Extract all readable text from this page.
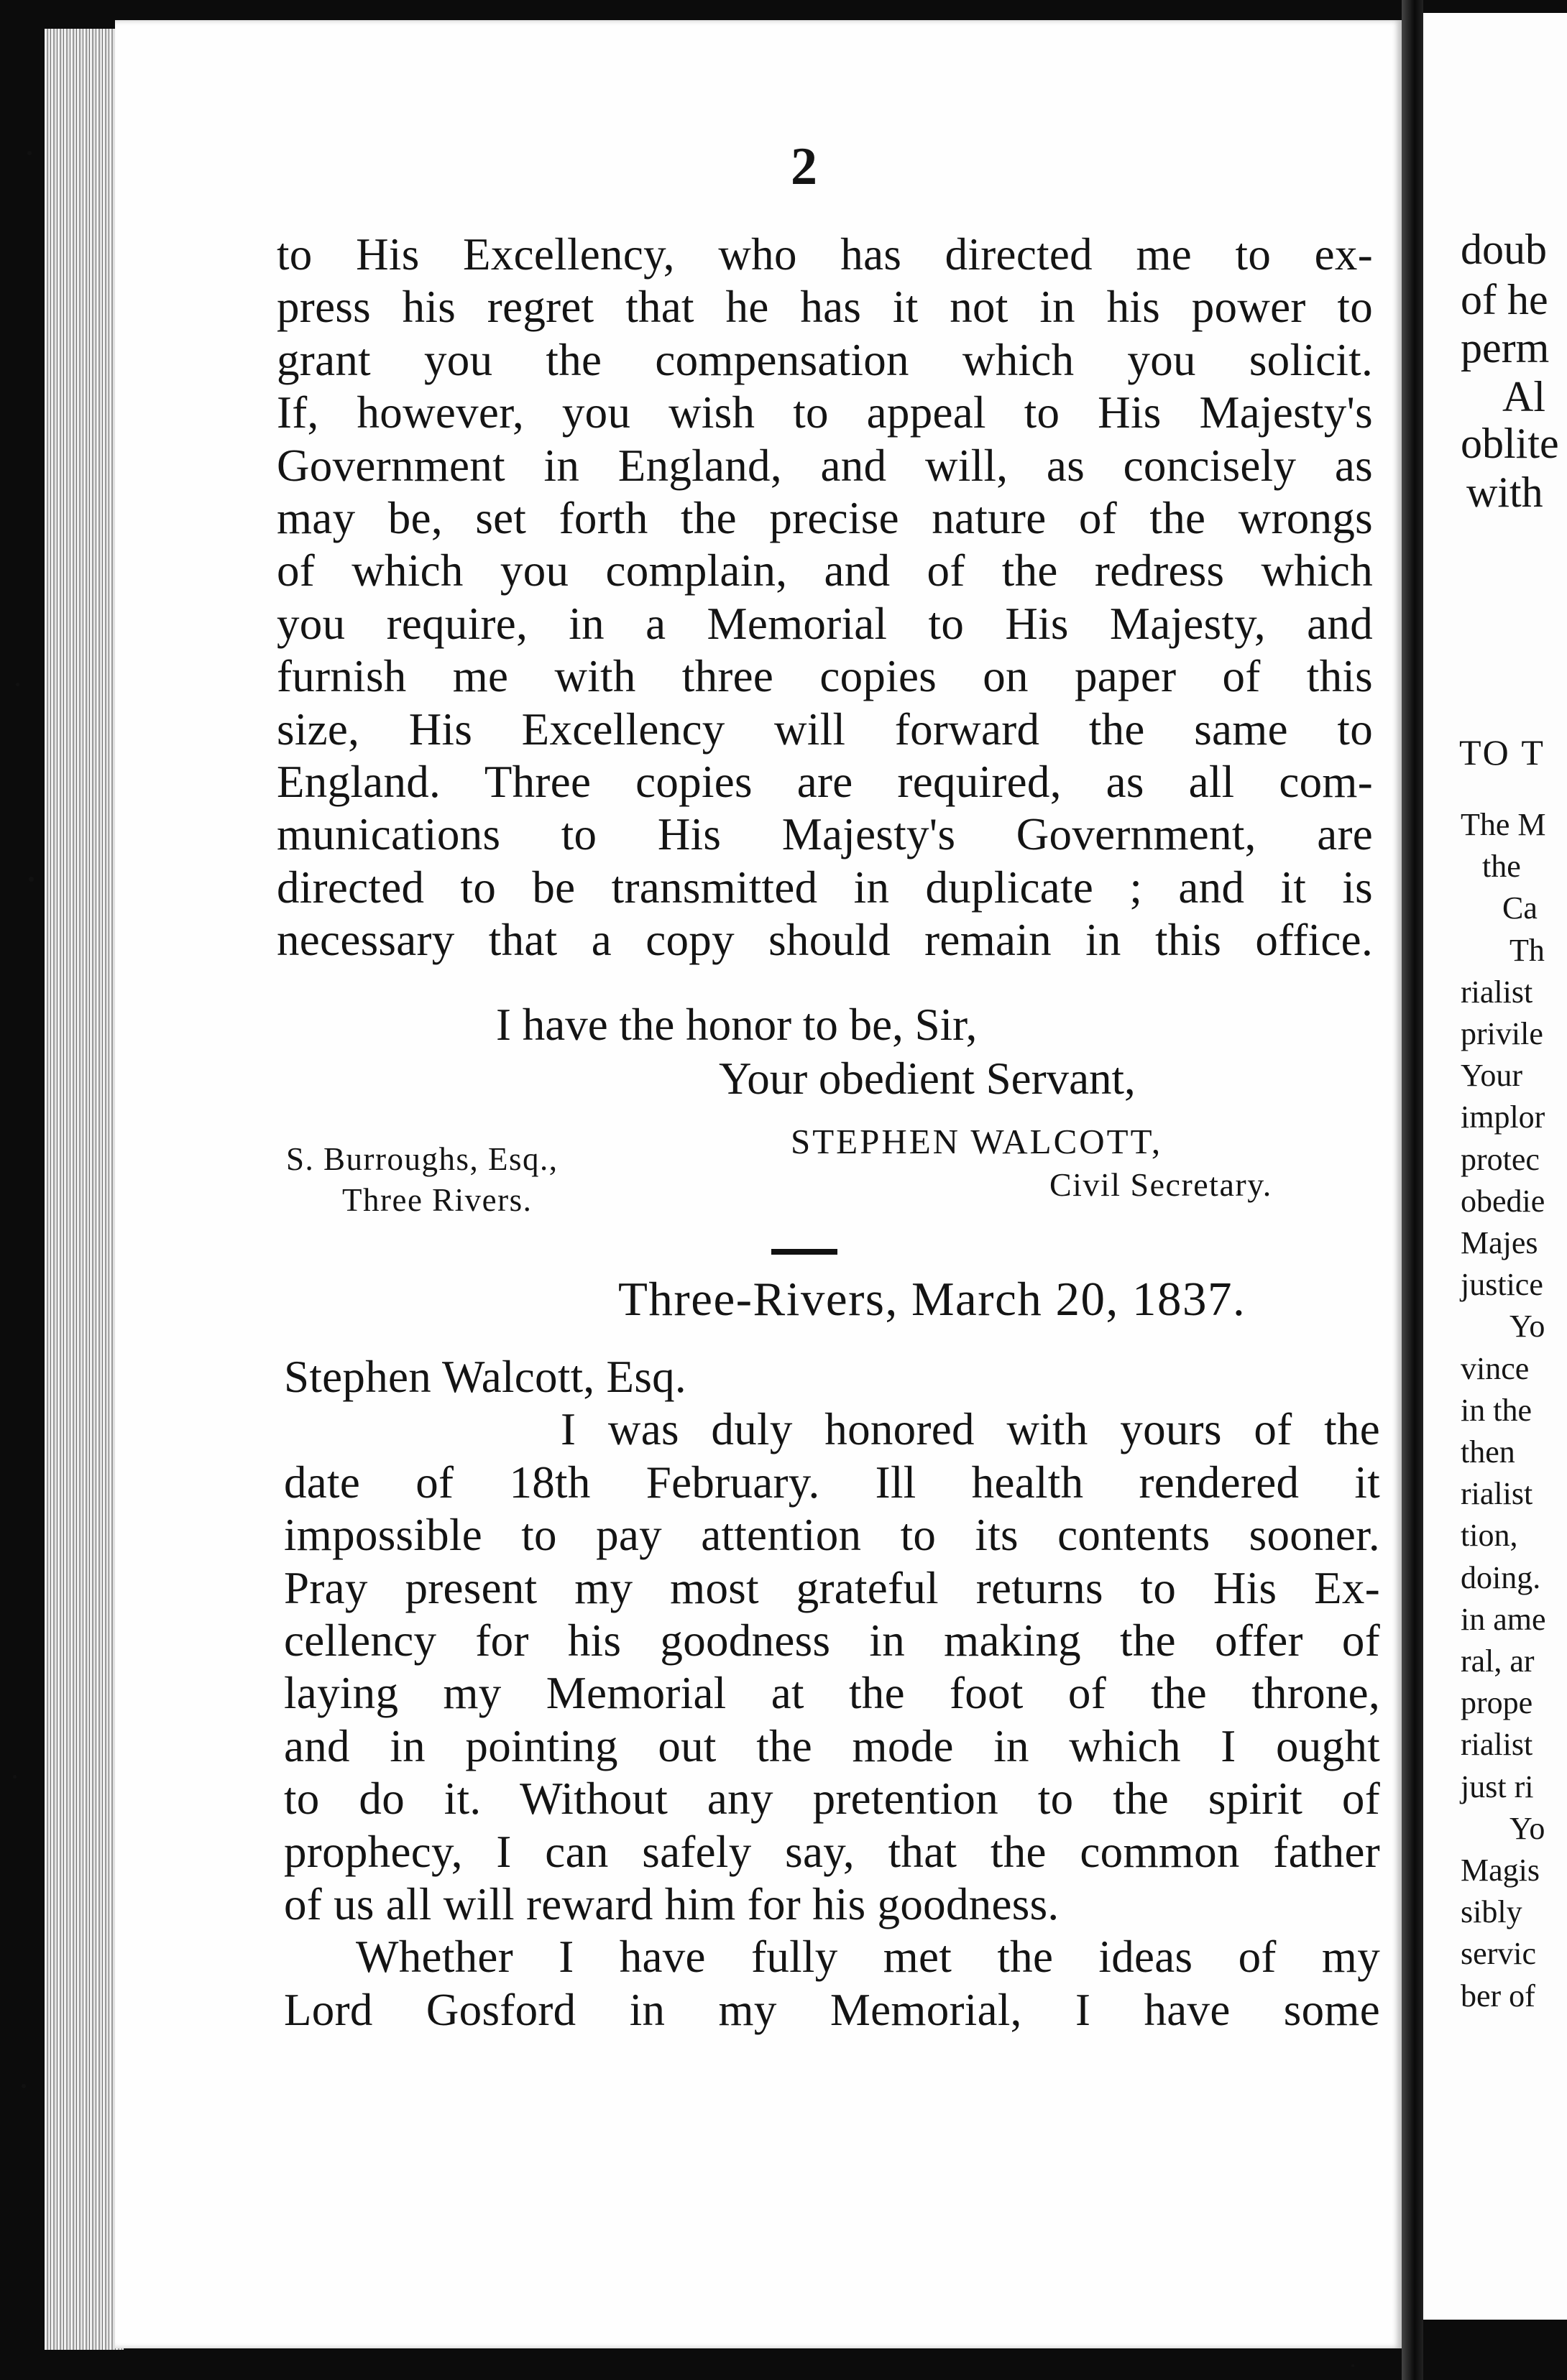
2
to His Excellency, who has directed me to ex-
press his regret that he has it not in his power to
grant you the compensation which you solicit.
If, however, you wish to appeal to His Majesty's
Government in England, and will, as concisely as
may be, set forth the precise nature of the wrongs
of which you complain, and of the redress which
you require, in a Memorial to His Majesty, and
furnish me with three copies on paper of this
size, His Excellency will forward the same to
England. Three copies are required, as all com-
munications to His Majesty's Government, are
directed to be transmitted in duplicate ; and it is
necessary that a copy should remain in this office.
I have the honor to be, Sir,
Your obedient Servant,
S. Burroughs, Esq.,
Three Rivers.
STEPHEN WALCOTT,
Civil Secretary.
Three-Rivers, March 20, 1837.
Stephen Walcott, Esq.
I was duly honored with yours of the
date of 18th February. Ill health rendered it
impossible to pay attention to its contents sooner.
Pray present my most grateful returns to His Ex-
cellency for his goodness in making the offer of
laying my Memorial at the foot of the throne,
and in pointing out the mode in which I ought
to do it. Without any pretention to the spirit of
prophecy, I can safely say, that the common father
of us all will reward him for his goodness.
Whether I have fully met the ideas of my
Lord Gosford in my Memorial, I have some
doub
of he
perm
Al
oblite
with
TO T
The M
the
Ca
Th
rialist
privile
Your
implor
protec
obedie
Majes
justice
Yo
vince
in the
then
rialist
tion,
doing.
in ame
ral, ar
prope
rialist
just ri
Yo
Magis
sibly
servic
ber of
